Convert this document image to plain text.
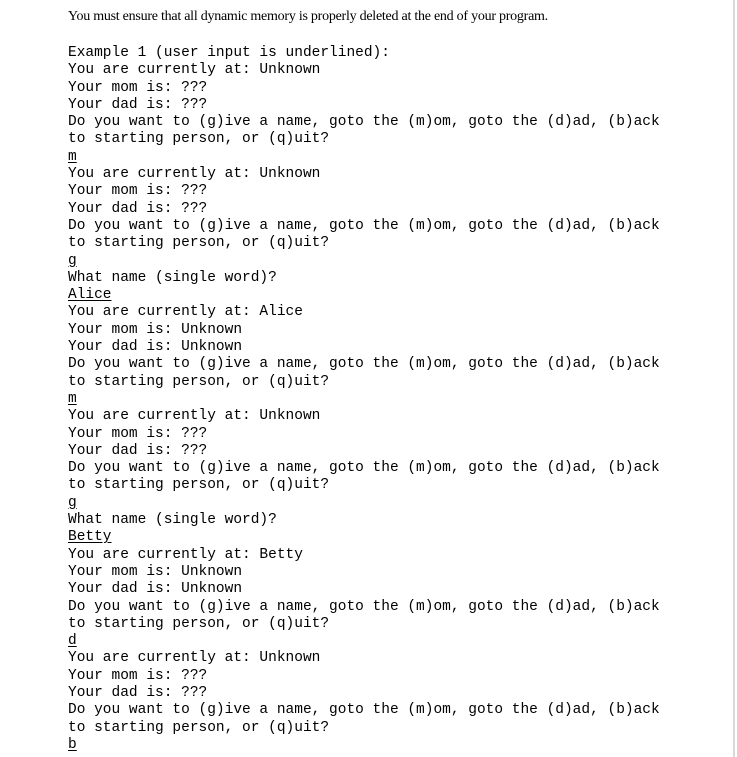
You must ensure that all dynamic memory is properly deleted at the end of your program.

Example 1 (user input is underlined):
You are currently at: Unknown
Your mom is: ???
Your dad is: ???
Do you want to (g)ive a name, goto the (m)om, goto the (d)ad, (b)ack
to starting person, or (q)uit?
m
You are currently at: Unknown
Your mom is: ???
Your dad is: ???
Do you want to (g)ive a name, goto the (m)om, goto the (d)ad, (b)ack
to starting person, or (q)uit?
g
What name (single word)?
Alice
You are currently at: Alice
Your mom is: Unknown
Your dad is: Unknown
Do you want to (g)ive a name, goto the (m)om, goto the (d)ad, (b)ack
to starting person, or (q)uit?
m
You are currently at: Unknown
Your mom is: ???
Your dad is: ???
Do you want to (g)ive a name, goto the (m)om, goto the (d)ad, (b)ack
to starting person, or (q)uit?
g
What name (single word)?
Betty
You are currently at: Betty
Your mom is: Unknown
Your dad is: Unknown
Do you want to (g)ive a name, goto the (m)om, goto the (d)ad, (b)ack
to starting person, or (q)uit?
d
You are currently at: Unknown
Your mom is: ???
Your dad is: ???
Do you want to (g)ive a name, goto the (m)om, goto the (d)ad, (b)ack
to starting person, or (q)uit?
b
